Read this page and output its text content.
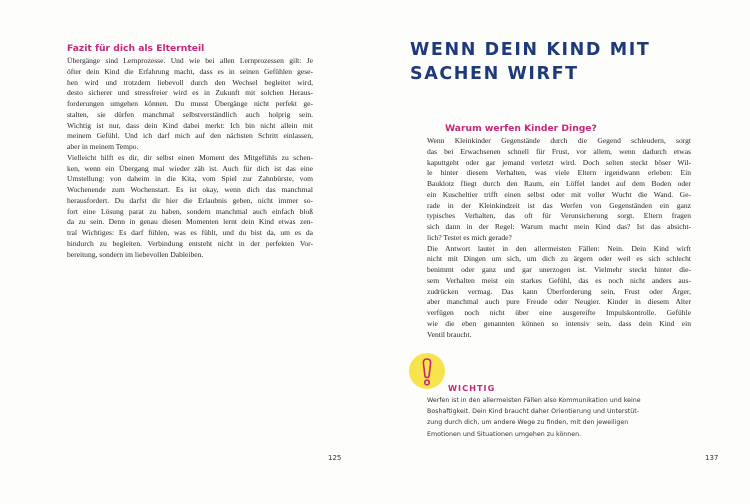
Fazit für dich als Elternteil
Übergänge sind Lernprozesse. Und wie bei allen Lernprozessen gilt: Je
öfter dein Kind die Erfahrung macht, dass es in seinen Gefühlen gese-
hen wird und trotzdem liebevoll durch den Wechsel begleitet wird,
desto sicherer und stressfreier wird es in Zukunft mit solchen Heraus-
forderungen umgehen können. Du musst Übergänge nicht perfekt ge-
stalten, sie dürfen manchmal selbstverständlich auch holprig sein.
Wichtig ist nur, dass dein Kind dabei merkt: Ich bin nicht allein mit
meinem Gefühl. Und ich darf mich auf den nächsten Schritt einlassen,
aber in meinem Tempo.
Vielleicht hilft es dir, dir selbst einen Moment des Mitgefühls zu schen-
ken, wenn ein Übergang mal wieder zäh ist. Auch für dich ist das eine
Umstellung: von daheim in die Kita, vom Spiel zur Zahnbürste, vom
Wochenende zum Wochenstart. Es ist okay, wenn dich das manchmal
herausfordert. Du darfst dir hier die Erlaubnis geben, nicht immer so-
fort eine Lösung parat zu haben, sondern manchmal auch einfach bloß
da zu sein. Denn in genau diesen Momenten lernt dein Kind etwas zen-
tral Wichtiges: Es darf fühlen, was es fühlt, und du bist da, um es da
hindurch zu begleiten. Verbindung entsteht nicht in der perfekten Vor-
bereitung, sondern im liebevollen Dableiben.
125
WENN DEIN KIND MIT
SACHEN WIRFT
Warum werfen Kinder Dinge?
Wenn Kleinkinder Gegenstände durch die Gegend schleudern, sorgt
das bei Erwachsenen schnell für Frust, vor allem, wenn dadurch etwas
kaputtgeht oder gar jemand verletzt wird. Doch selten steckt böser Wil-
le hinter diesem Verhalten, was viele Eltern irgendwann erleben: Ein
Bauklotz fliegt durch den Raum, ein Löffel landet auf dem Boden oder
ein Kuscheltier trifft einen selbst oder mit voller Wucht die Wand. Ge-
rade in der Kleinkindzeit ist das Werfen von Gegenständen ein ganz
typisches Verhalten, das oft für Verunsicherung sorgt. Eltern fragen
sich dann in der Regel: Warum macht mein Kind das? Ist das absicht-
lich? Testet es mich gerade?
Die Antwort lautet in den allermeisten Fällen: Nein. Dein Kind wirft
nicht mit Dingen um sich, um dich zu ärgern oder weil es sich schlecht
benimmt oder ganz und gar unerzogen ist. Vielmehr steckt hinter die-
sem Verhalten meist ein starkes Gefühl, das es noch nicht anders aus-
zudrücken vermag. Das kann Überforderung sein, Frust oder Ärger,
aber manchmal auch pure Freude oder Neugier. Kinder in diesem Alter
verfügen noch nicht über eine ausgereifte Impulskontrolle. Gefühle
wie die eben genannten können so intensiv sein, dass dein Kind ein
Ventil braucht.
137
WICHTIG
Werfen ist in den allermeisten Fällen also Kommunikation und keine
Boshaftigkeit. Dein Kind braucht daher Orientierung und Unterstüt-
zung durch dich, um andere Wege zu finden, mit den jeweiligen
Emotionen und Situationen umgehen zu können.
